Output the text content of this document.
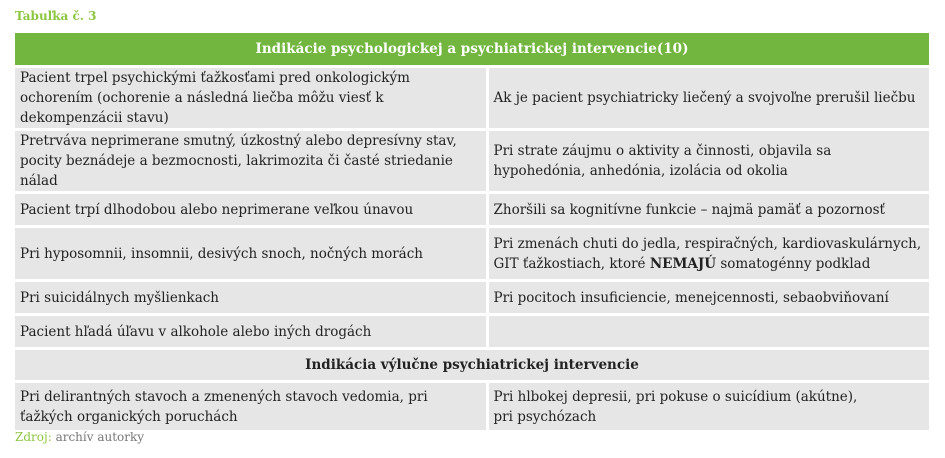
Tabuľka č. 3
Indikácie psychologickej a psychiatrickej intervencie(10)	
Pacient trpel psychickými ťažkosťami pred onkologickým ochorením (ochorenie a následná liečba môžu viesť k dekompenzácii stavu)	Ak je pacient psychiatricky liečený a svojvoľne prerušil liečbu
Pretrváva neprimerane smutný, úzkostný alebo depresívny stav, pocity beznádeje a bezmocnosti, lakrimozita či časté striedanie nálad	Pri strate záujmu o aktivity a činnosti, objavila sa hypohedónia, anhedónia, izolácia od okolia
Pacient trpí dlhodobou alebo neprimerane veľkou únavou	Zhoršili sa kognitívne funkcie – najmä pamäť a pozornosť
Pri hyposomnii, insomnii, desivých snoch, nočných morách	Pri zmenách chuti do jedla, respiračných, kardiovaskulárnych, GIT ťažkostiach, ktoré NEMAJÚ somatogénny podklad
Pri suicidálnych myšlienkach	Pri pocitoch insuficiencie, menejcennosti, sebaobviňovaní
Pacient hľadá úľavu v alkohole alebo iných drogách	
Indikácia výlučne psychiatrickej intervencie	
Pri delirantných stavoch a zmenených stavoch vedomia, pri ťažkých organických poruchách	Pri hlbokej depresii, pri pokuse o suicídium (akútne),
pri psychózach
Zdroj: archív autorky
